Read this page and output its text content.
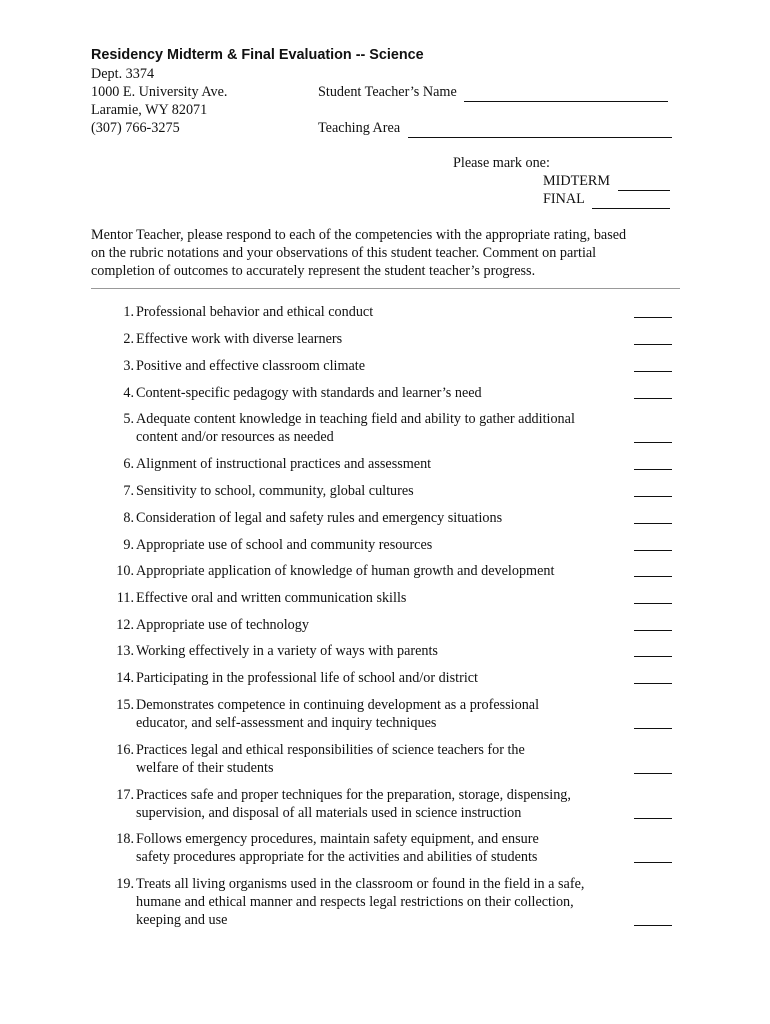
Residency Midterm & Final Evaluation -- Science
Dept. 3374
1000 E. University Ave.
Laramie, WY 82071
(307) 766-3275
Student Teacher’s Name
Teaching Area
Please mark one:
MIDTERM
FINAL
Mentor Teacher, please respond to each of the competencies with the appropriate rating, based
on the rubric notations and your observations of this student teacher. Comment on partial
completion of outcomes to accurately represent the student teacher’s progress.
1. Professional behavior and ethical conduct
2. Effective work with diverse learners
3. Positive and effective classroom climate
4. Content-specific pedagogy with standards and learner’s need
5. Adequate content knowledge in teaching field and ability to gather additional
content and/or resources as needed
6. Alignment of instructional practices and assessment
7. Sensitivity to school, community, global cultures
8. Consideration of legal and safety rules and emergency situations
9. Appropriate use of school and community resources
10. Appropriate application of knowledge of human growth and development
11. Effective oral and written communication skills
12. Appropriate use of technology
13. Working effectively in a variety of ways with parents
14. Participating in the professional life of school and/or district
15. Demonstrates competence in continuing development as a professional
educator, and self-assessment and inquiry techniques
16. Practices legal and ethical responsibilities of science teachers for the
welfare of their students
17. Practices safe and proper techniques for the preparation, storage, dispensing,
supervision, and disposal of all materials used in science instruction
18. Follows emergency procedures, maintain safety equipment, and ensure
safety procedures appropriate for the activities and abilities of students
19. Treats all living organisms used in the classroom or found in the field in a safe,
humane and ethical manner and respects legal restrictions on their collection,
keeping and use
